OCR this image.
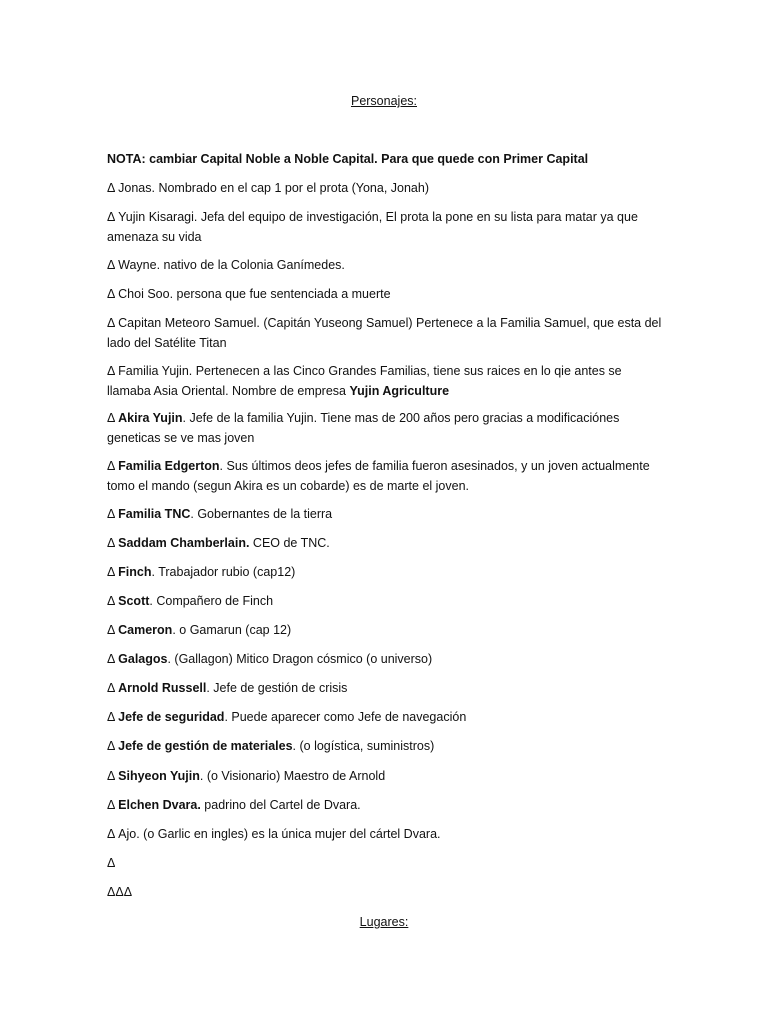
Personajes:

NOTA: cambiar Capital Noble a Noble Capital. Para que quede con Primer Capital

Δ Jonas. Nombrado en el cap 1 por el prota (Yona, Jonah)

Δ Yujin Kisaragi. Jefa del equipo de investigación, El prota la pone en su lista para matar ya que amenaza su vida

Δ Wayne. nativo de la Colonia Ganímedes.

Δ Choi Soo. persona que fue sentenciada a muerte

Δ Capitan Meteoro Samuel. (Capitán Yuseong Samuel) Pertenece a la Familia Samuel, que esta del lado del Satélite Titan

Δ Familia Yujin. Pertenecen a las Cinco Grandes Familias, tiene sus raices en lo qie antes se llamaba Asia Oriental. Nombre de empresa Yujin Agriculture

Δ Akira Yujin. Jefe de la familia Yujin. Tiene mas de 200 años pero gracias a modificaciónes geneticas se ve mas joven

Δ Familia Edgerton. Sus últimos deos jefes de familia fueron asesinados, y un joven actualmente tomo el mando (segun Akira es un cobarde) es de marte el joven.

Δ Familia TNC. Gobernantes de la tierra

Δ Saddam Chamberlain. CEO de TNC.

Δ Finch. Trabajador rubio (cap12)

Δ Scott. Compañero de Finch

Δ Cameron. o Gamarun (cap 12)

Δ Galagos. (Gallagon) Mitico Dragon cósmico (o universo)

Δ Arnold Russell. Jefe de gestión de crisis

Δ Jefe de seguridad. Puede aparecer como Jefe de navegación

Δ Jefe de gestión de materiales. (o logística, suministros)

Δ Sihyeon Yujin. (o Visionario) Maestro de Arnold

Δ Elchen Dvara. padrino del Cartel de Dvara.

Δ Ajo. (o Garlic en ingles) es la única mujer del cártel Dvara.

Δ

ΔΔΔ

Lugares:
